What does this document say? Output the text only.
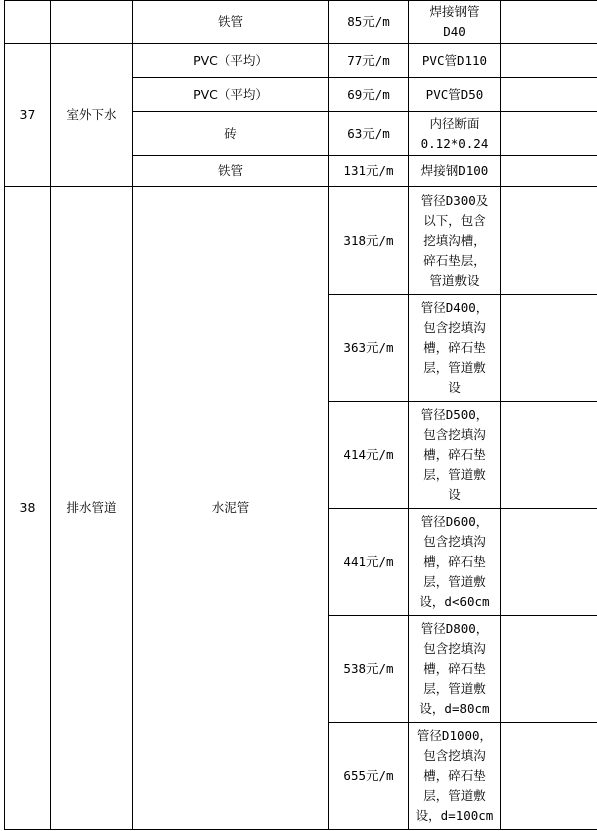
		铁管	85元/m	焊接钢管
D40	

37	室外下水	PVC（平均）	77元/m	PVC管D110	

		PVC（平均）	69元/m	PVC管D50	

		砖	63元/m	内径断面
0.12*0.24	

		铁管	131元/m	焊接钢D100	

38	排水管道	水泥管	318元/m	管径D300及
以下，包含
挖填沟槽，
碎石垫层，
管道敷设	

			363元/m	管径D400，
包含挖填沟
槽，碎石垫
层，管道敷
设	

			414元/m	管径D500，
包含挖填沟
槽，碎石垫
层，管道敷
设	

			441元/m	管径D600，
包含挖填沟
槽，碎石垫
层，管道敷
设，d<60cm	

			538元/m	管径D800，
包含挖填沟
槽，碎石垫
层，管道敷
设，d=80cm	

			655元/m	管径D1000，
包含挖填沟
槽，碎石垫
层，管道敷
设，d=100cm	
